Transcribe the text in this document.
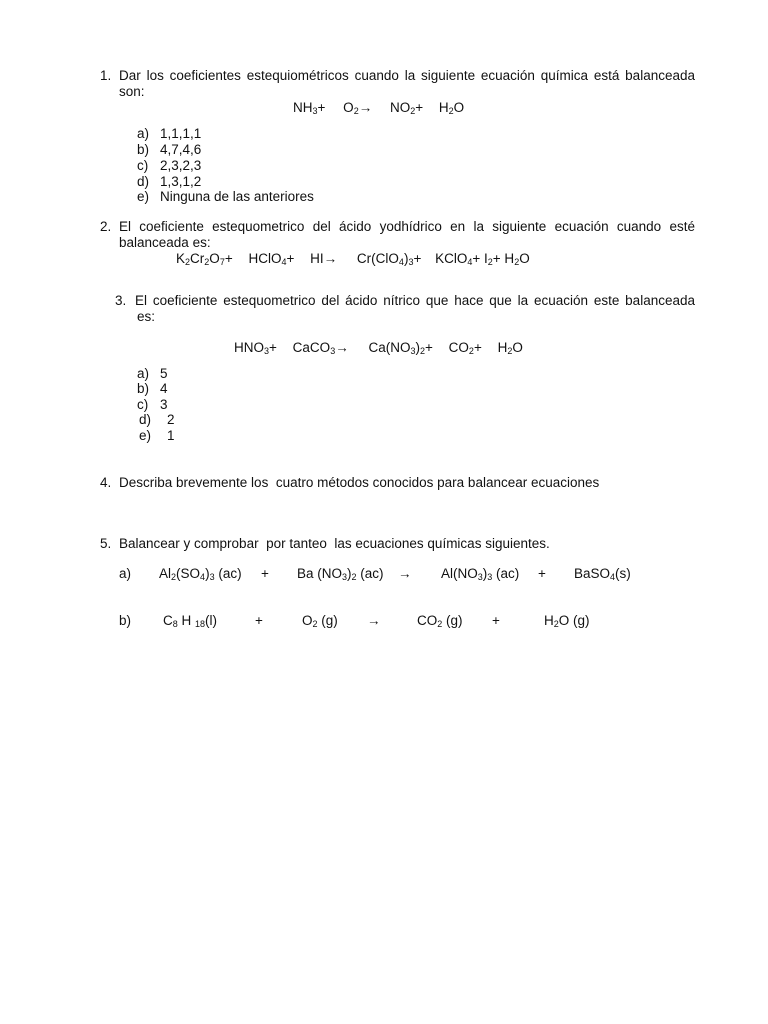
1. Dar los coeficientes estequiométricos cuando la siguiente ecuación química está balanceada
son:
$NH_3+ O_2\to NO_2+ H_2O$
a) 1,1,1,1
b) 4,7,4,6
c) 2,3,2,3
d) 1,3,1,2
e) Ninguna de las anteriores
2. El coeficiente estequometrico del ácido yodhídrico en la siguiente ecuación cuando esté
balanceada es:
$K_2Cr_2O_7+$ HClO$_4$+ $HI\to Cr(ClO_4)_3+$ KClO$_4$+ $I_2+ H_2O$
3. El coeficiente estequometrico del ácido nítrico que hace que la ecuación este balanceada
es:
$HNO_3+$ CaCO$_3$→ $Ca(NO_3)_2+ CO_2+ H_2O$
a) 5
b) 4
c) 3
d) 2
e) 1
4. Describa brevemente los  cuatro métodos conocidos para balancear ecuaciones
5. Balancear y comprobar  por tanteo  las ecuaciones químicas siguientes.
a) $Al_2(SO_4)_3$ (ac) + Ba $(NO_3)_2$ $(ac) \to Al(NO_3)_3$ (ac) + BaSO$_4$(s)
b) $C_8$ H $_{18}$(l)	+	$O_2$ (g) →	$CO_2$ (g) +	$H_2O$ (g)
